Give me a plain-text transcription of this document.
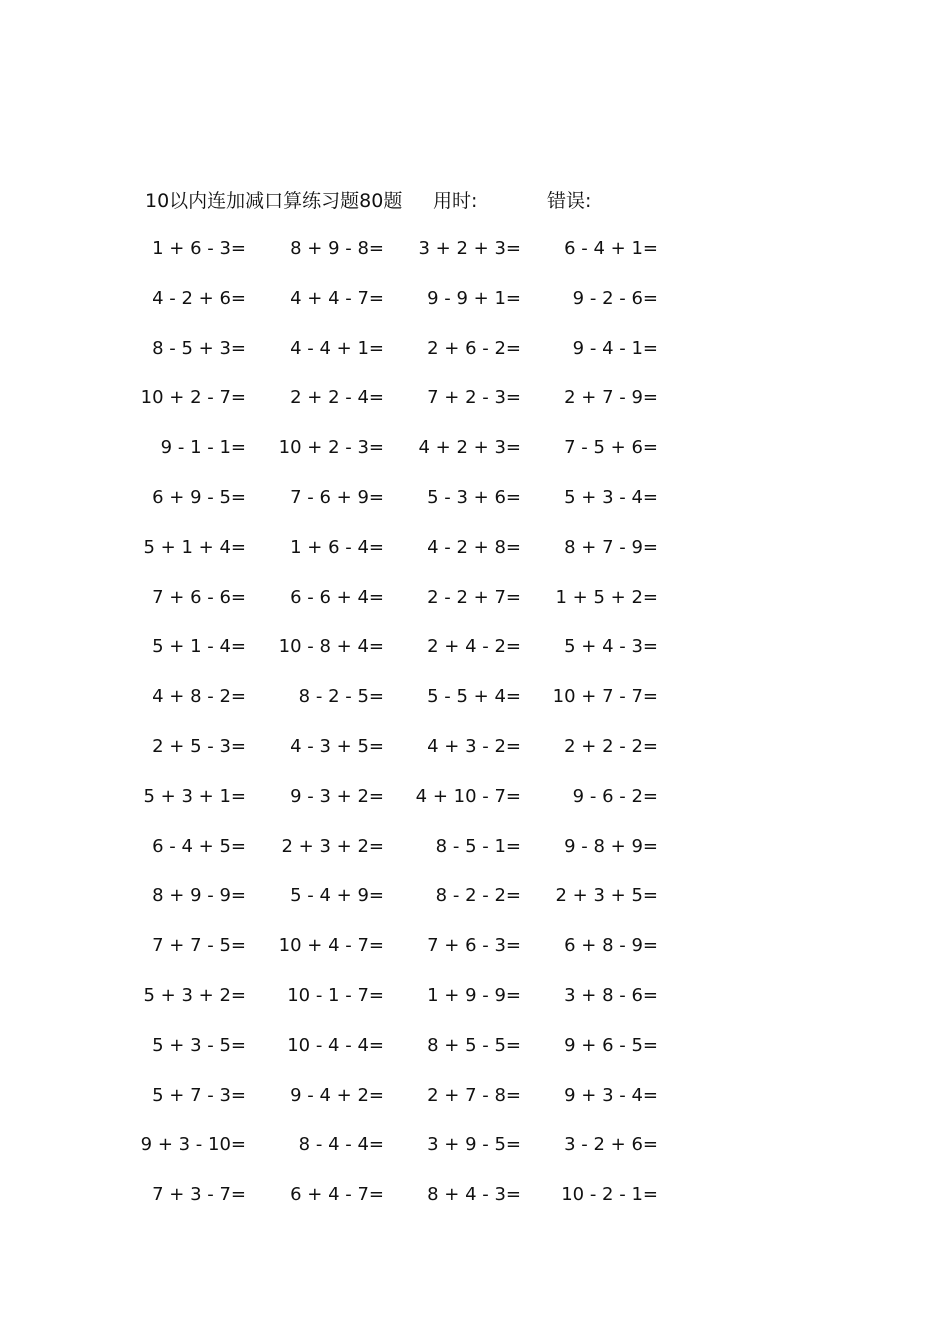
10以内连加减口算练习题80题 用时:	错误:
1 + 6 - 3=	8 + 9 - 8=	3 + 2 + 3=	6 - 4 + 1=
4 - 2 + 6=	4 + 4 - 7=	9 - 9 + 1=	9 - 2 - 6=
8 - 5 + 3=	4 - 4 + 1=	2 + 6 - 2=	9 - 4 - 1=
10 + 2 - 7=	2 + 2 - 4=	7 + 2 - 3=	2 + 7 - 9=
9 - 1 - 1= 10 + 2 - 3=	4 + 2 + 3=	7 - 5 + 6=
6 + 9 - 5=	7 - 6 + 9=	5 - 3 + 6=	5 + 3 - 4=
5 + 1 + 4=	1 + 6 - 4=	4 - 2 + 8=	8 + 7 - 9=
7 + 6 - 6=	6 - 6 + 4=	2 - 2 + 7=	1 + 5 + 2=
5 + 1 - 4= 10 - 8 + 4=	2 + 4 - 2=	5 + 4 - 3=
4 + 8 - 2=	8 - 2 - 5=	5 - 5 + 4= 10 + 7 - 7=
2 + 5 - 3=	4 - 3 + 5=	4 + 3 - 2=	2 + 2 - 2=
5 + 3 + 1=	9 - 3 + 2= 4 + 10 - 7=	9 - 6 - 2=
6 - 4 + 5=	2 + 3 + 2=	8 - 5 - 1=	9 - 8 + 9=
8 + 9 - 9=	5 - 4 + 9=	8 - 2 - 2=	2 + 3 + 5=
7 + 7 - 5= 10 + 4 - 7=	7 + 6 - 3=	6 + 8 - 9=
5 + 3 + 2=	10 - 1 - 7=	1 + 9 - 9=	3 + 8 - 6=
5 + 3 - 5=	10 - 4 - 4=	8 + 5 - 5=	9 + 6 - 5=
5 + 7 - 3=	9 - 4 + 2=	2 + 7 - 8=	9 + 3 - 4=
9 + 3 - 10=	8 - 4 - 4=	3 + 9 - 5=	3 - 2 + 6=
7 + 3 - 7=	6 + 4 - 7=	8 + 4 - 3=	10 - 2 - 1=
